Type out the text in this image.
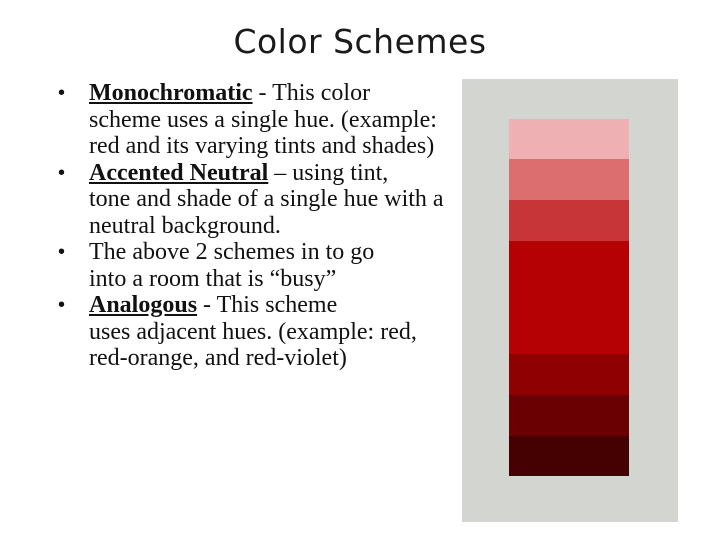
Color Schemes
• Monochromatic - This color
scheme uses a single hue. (example: red and its varying tints and shades)
• Accented Neutral – using tint,
tone and shade of a single hue with a neutral background.
• The above 2 schemes in to go
into a room that is “busy”
• Analogous - This scheme
uses adjacent hues. (example: red, red-orange, and red-violet)
